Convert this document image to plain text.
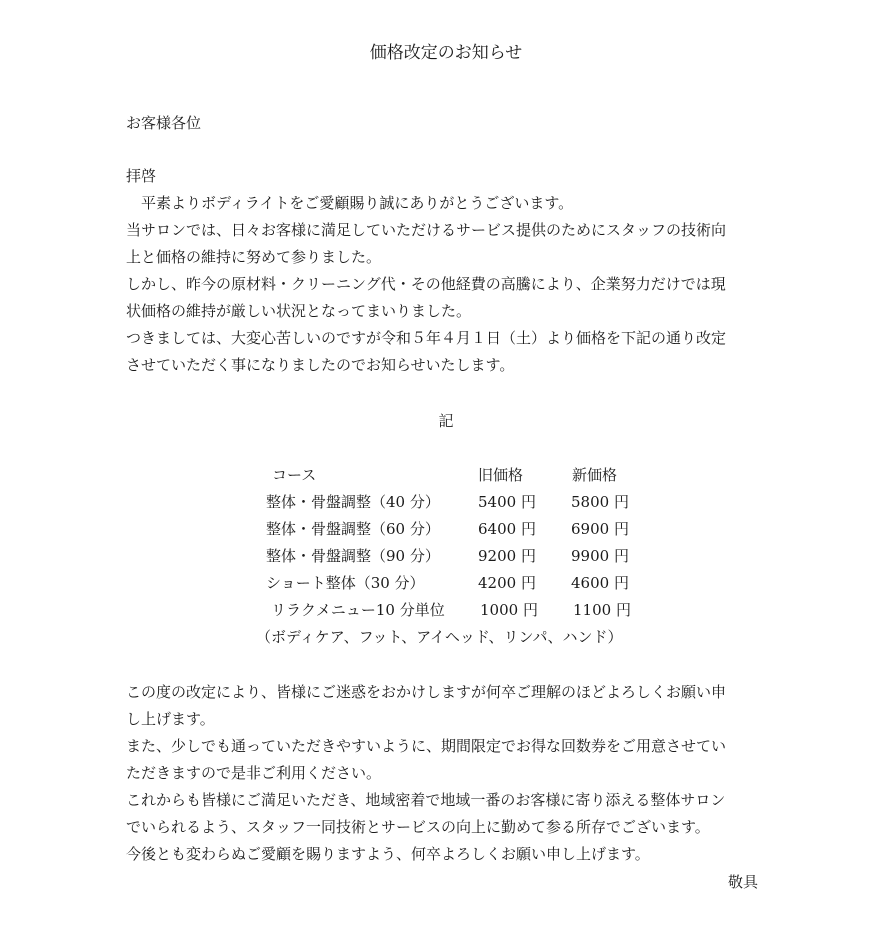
価格改定のお知らせ
お客様各位
拝啓
　平素よりボディライトをご愛顧賜り誠にありがとうございます。
当サロンでは、日々お客様に満足していただけるサービス提供のためにスタッフの技術向
上と価格の維持に努めて参りました。
しかし、昨今の原材料・クリーニング代・その他経費の高騰により、企業努力だけでは現
状価格の維持が厳しい状況となってまいりました。
つきましては、大変心苦しいのですが令和５年４月１日（土）より価格を下記の通り改定
させていただく事になりましたのでお知らせいたします。
記
コース	旧価格	新価格
整体・骨盤調整（40 分）	5400 円 5800 円
整体・骨盤調整（60 分）	6400 円 6900 円
整体・骨盤調整（90 分）	9200 円 9900 円
ショート整体（30 分）	4200 円 4600 円
リラクメニュー10 分単位 1000 円 1100 円
（ボディケア、フット、アイヘッド、リンパ、ハンド）
この度の改定により、皆様にご迷惑をおかけしますが何卒ご理解のほどよろしくお願い申
し上げます。
また、少しでも通っていただきやすいように、期間限定でお得な回数券をご用意させてい
ただきますので是非ご利用ください。
これからも皆様にご満足いただき、地域密着で地域一番のお客様に寄り添える整体サロン
でいられるよう、スタッフ一同技術とサービスの向上に勤めて参る所存でございます。
今後とも変わらぬご愛顧を賜りますよう、何卒よろしくお願い申し上げます。
敬具
